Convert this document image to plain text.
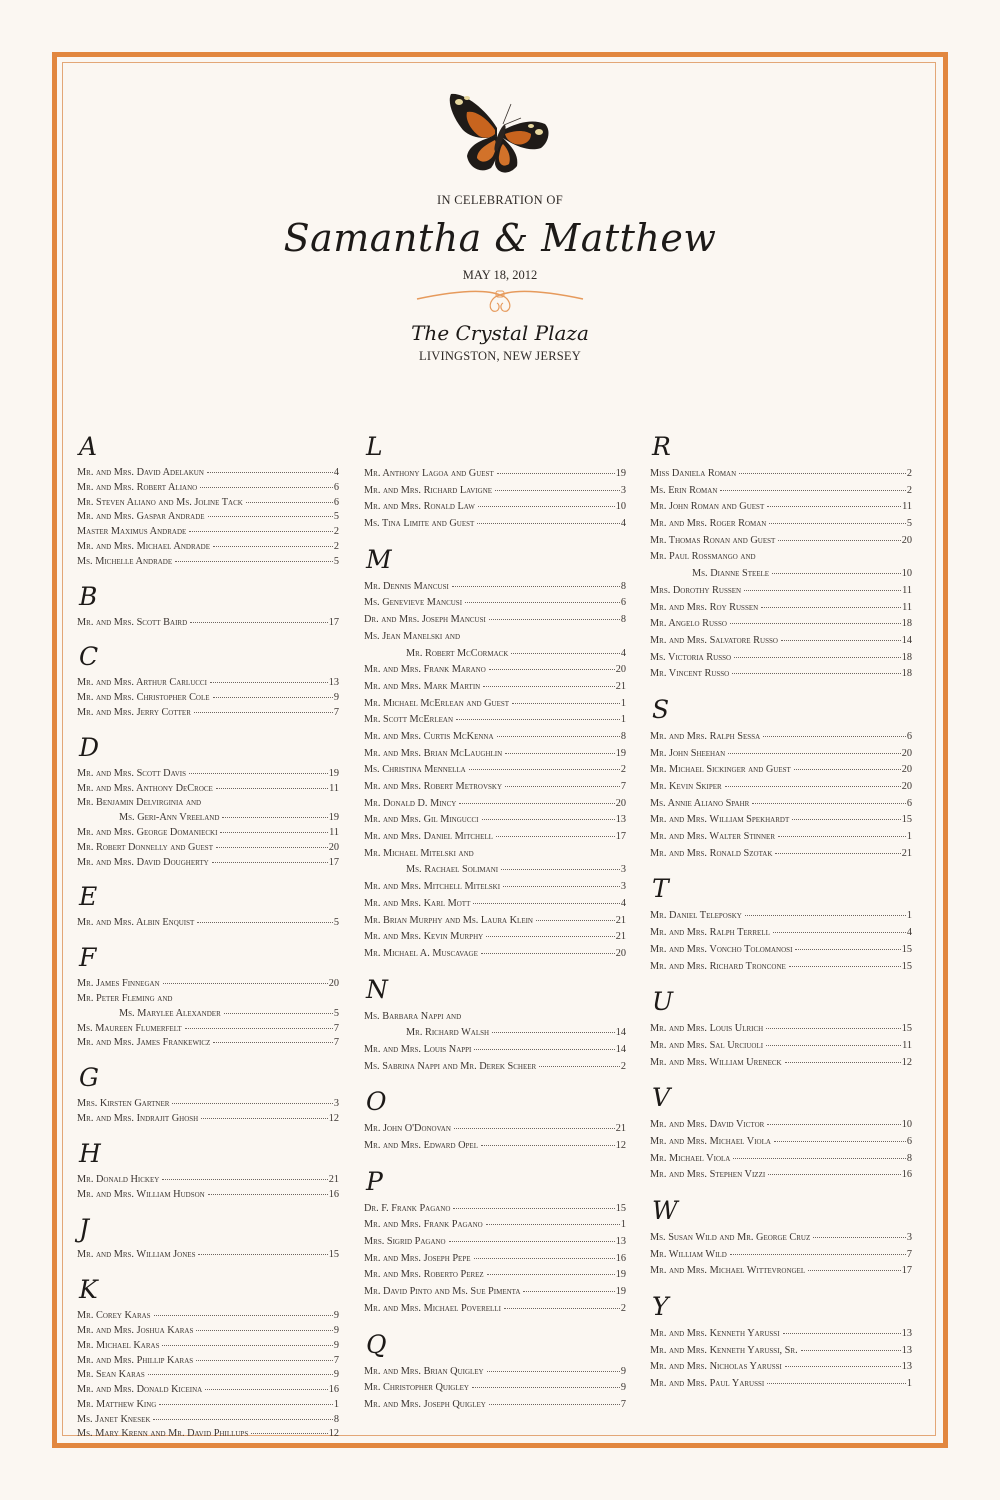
IN CELEBRATION OF
Samantha & Matthew
MAY 18, 2012
The Crystal Plaza
LIVINGSTON, NEW JERSEY
A
Mr. and Mrs. David Adelakun	4
Mr. and Mrs. Robert Aliano	6
Mr. Steven Aliano and Ms. Joline Tack	6
Mr. and Mrs. Gaspar Andrade	5
Master Maximus Andrade	2
Mr. and Mrs. Michael Andrade	2
Ms. Michelle Andrade	5
B
Mr. and Mrs. Scott Baird	17
C
Mr. and Mrs. Arthur Carlucci	13
Mr. and Mrs. Christopher Cole	9
Mr. and Mrs. Jerry Cotter	7
D
Mr. and Mrs. Scott Davis	19
Mr. and Mrs. Anthony DeCroce	11
Mr. Benjamin Delvirginia and
Ms. Geri-Ann Vreeland	19
Mr. and Mrs. George Domaniecki	11
Mr. Robert Donnelly and Guest	20
Mr. and Mrs. David Dougherty	17
E
Mr. and Mrs. Albin Enquist	5
F
Mr. James Finnegan	20
Mr. Peter Fleming and
Ms. Marylee Alexander	5
Ms. Maureen Flumerfelt	7
Mr. and Mrs. James Frankewicz	7
G
Mrs. Kirsten Gartner	3
Mr. and Mrs. Indrajit Ghosh	12
H
Mr. Donald Hickey	21
Mr. and Mrs. William Hudson	16
J
Mr. and Mrs. William Jones	15
K
Mr. Corey Karas	9
Mr. and Mrs. Joshua Karas	9
Mr. Michael Karas	9
Mr. and Mrs. Phillip Karas	7
Mr. Sean Karas	9
Mr. and Mrs. Donald Kiceina	16
Mr. Matthew King	1
Ms. Janet Knesek	8
Ms. Mary Krenn and Mr. David Phillups	12
L
Mr. Anthony Lagoa and Guest	19
Mr. and Mrs. Richard Lavigne	3
Mr. and Mrs. Ronald Law	10
Ms. Tina Limite and Guest	4
M
Mr. Dennis Mancusi	8
Ms. Genevieve Mancusi	6
Dr. and Mrs. Joseph Mancusi	8
Ms. Jean Manelski and
Mr. Robert McCormack	4
Mr. and Mrs. Frank Marano	20
Mr. and Mrs. Mark Martin	21
Mr. Michael McErlean and Guest	1
Mr. Scott McErlean	1
Mr. and Mrs. Curtis McKenna	8
Mr. and Mrs. Brian McLaughlin	19
Ms. Christina Mennella	2
Mr. and Mrs. Robert Metrovsky	7
Mr. Donald D. Mincy	20
Mr. and Mrs. Gil Mingucci	13
Mr. and Mrs. Daniel Mitchell	17
Mr. Michael Mitelski and
Ms. Rachael Solimani	3
Mr. and Mrs. Mitchell Mitelski	3
Mr. and Mrs. Karl Mott	4
Mr. Brian Murphy and Ms. Laura Klein	21
Mr. and Mrs. Kevin Murphy	21
Mr. Michael A. Muscavage	20
N
Ms. Barbara Nappi and
Mr. Richard Walsh	14
Mr. and Mrs. Louis Nappi	14
Ms. Sabrina Nappi and Mr. Derek Scheer	2
O
Mr. John O'Donovan	21
Mr. and Mrs. Edward Opel	12
P
Dr. F. Frank Pagano	15
Mr. and Mrs. Frank Pagano	1
Mrs. Sigrid Pagano	13
Mr. and Mrs. Joseph Pepe	16
Mr. and Mrs. Roberto Perez	19
Mr. David Pinto and Ms. Sue Pimenta	19
Mr. and Mrs. Michael Poverelli	2
Q
Mr. and Mrs. Brian Quigley	9
Mr. Christopher Quigley	9
Mr. and Mrs. Joseph Quigley	7
R
Miss Daniela Roman	2
Ms. Erin Roman	2
Mr. John Roman and Guest	11
Mr. and Mrs. Roger Roman	5
Mr. Thomas Ronan and Guest	20
Mr. Paul Rossmango and
Ms. Dianne Steele	10
Mrs. Dorothy Russen	11
Mr. and Mrs. Roy Russen	11
Mr. Angelo Russo	18
Mr. and Mrs. Salvatore Russo	14
Ms. Victoria Russo	18
Mr. Vincent Russo	18
S
Mr. and Mrs. Ralph Sessa	6
Mr. John Sheehan	20
Mr. Michael Sickinger and Guest	20
Mr. Kevin Skiper	20
Ms. Annie Aliano Spahr	6
Mr. and Mrs. William Spekhardt	15
Mr. and Mrs. Walter Stinner	1
Mr. and Mrs. Ronald Szotak	21
T
Mr. Daniel Teleposky	1
Mr. and Mrs. Ralph Terrell	4
Mr. and Mrs. Voncho Tolomanosi	15
Mr. and Mrs. Richard Troncone	15
U
Mr. and Mrs. Louis Ulrich	15
Mr. and Mrs. Sal Urciuoli	11
Mr. and Mrs. William Ureneck	12
V
Mr. and Mrs. David Victor	10
Mr. and Mrs. Michael Viola	6
Mr. Michael Viola	8
Mr. and Mrs. Stephen Vizzi	16
W
Ms. Susan Wild and Mr. George Cruz	3
Mr. William Wild	7
Mr. and Mrs. Michael Wittevrongel	17
Y
Mr. and Mrs. Kenneth Yarussi	13
Mr. and Mrs. Kenneth Yarussi, Sr.	13
Mr. and Mrs. Nicholas Yarussi	13
Mr. and Mrs. Paul Yarussi	1
